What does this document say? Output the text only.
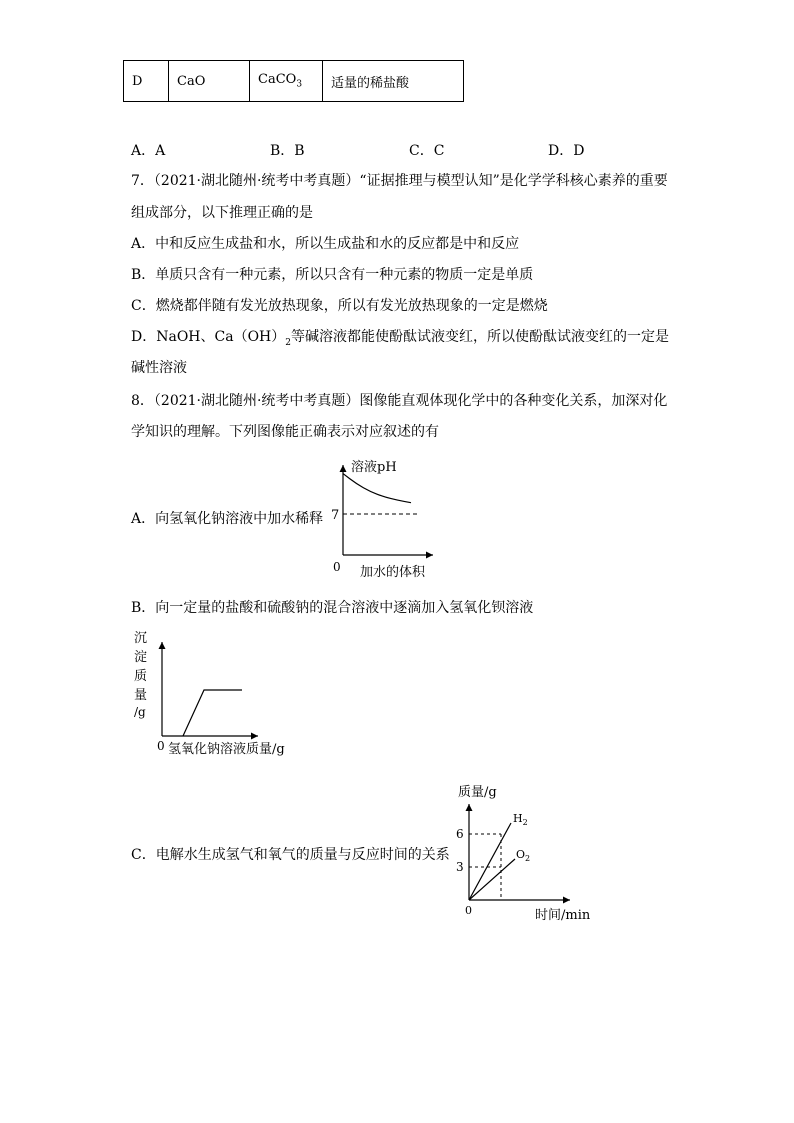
D	CaO	CaCO$_3$	适量的稀盐酸
A．A	B．B	C．C	D．D
7．（2021·湖北随州·统考中考真题）“证据推理与模型认知”是化学学科核心素养的重要
组成部分，以下推理正确的是
A．中和反应生成盐和水，所以生成盐和水的反应都是中和反应
B．单质只含有一种元素，所以只含有一种元素的物质一定是单质
C．燃烧都伴随有发光放热现象，所以有发光放热现象的一定是燃烧
D．NaOH、$Ca(OH)_2$等碱溶液都能使酚酞试液变红，所以使酚酞试液变红的一定是
碱性溶液
8．（2021·湖北随州·统考中考真题）图像能直观体现化学中的各种变化关系，加深对化
学知识的理解。下列图像能正确表示对应叙述的有
A．向氢氧化钠溶液中加水稀释
溶液pH
7
0 加水的体积
B．向一定量的盐酸和硫酸钠的混合溶液中逐滴加入氢氧化钡溶液
沉
淀
质
量
/g
0 氢氧化钠溶液质量/g
C．电解水生成氢气和氧气的质量与反应时间的关系
质量/g
6
3
$H_2$
$O_2$
0	时间/min
